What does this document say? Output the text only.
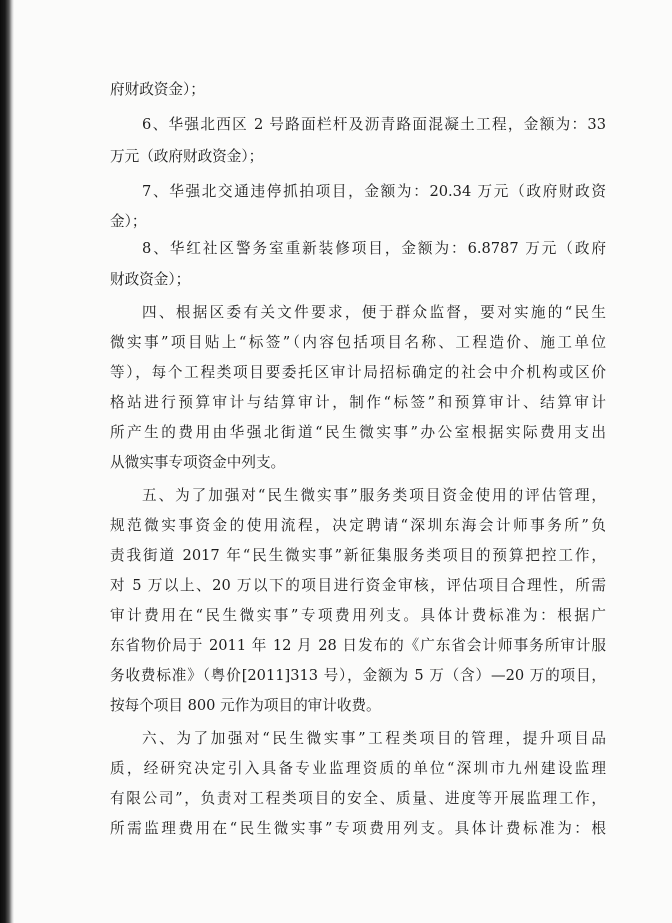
府财政资金）；
6、华强北西区 2 号路面栏杆及沥青路面混凝土工程，金额为：33
万元（政府财政资金）；
7、华强北交通违停抓拍项目，金额为：20.34 万元（政府财政资
金）；
8、华红社区警务室重新装修项目，金额为：6.8787 万元（政府
财政资金）；
四、根据区委有关文件要求，便于群众监督，要对实施的“民生
微实事”项目贴上“标签”（内容包括项目名称、工程造价、施工单位
等），每个工程类项目要委托区审计局招标确定的社会中介机构或区价
格站进行预算审计与结算审计，制作“标签”和预算审计、结算审计
所产生的费用由华强北街道“民生微实事”办公室根据实际费用支出
从微实事专项资金中列支。
五、为了加强对“民生微实事”服务类项目资金使用的评估管理，
规范微实事资金的使用流程，决定聘请“深圳东海会计师事务所”负
责我街道 2017 年“民生微实事”新征集服务类项目的预算把控工作，
对 5 万以上、20 万以下的项目进行资金审核，评估项目合理性，所需
审计费用在“民生微实事”专项费用列支。具体计费标准为：根据广
东省物价局于 2011 年 12 月 28 日发布的《广东省会计师事务所审计服
务收费标准》（粤价[2011]313 号），金额为 5 万（含）—20 万的项目，
按每个项目 800 元作为项目的审计收费。
六、为了加强对“民生微实事”工程类项目的管理，提升项目品
质，经研究决定引入具备专业监理资质的单位“深圳市九州建设监理
有限公司”，负责对工程类项目的安全、质量、进度等开展监理工作，
所需监理费用在“民生微实事”专项费用列支。具体计费标准为：根
